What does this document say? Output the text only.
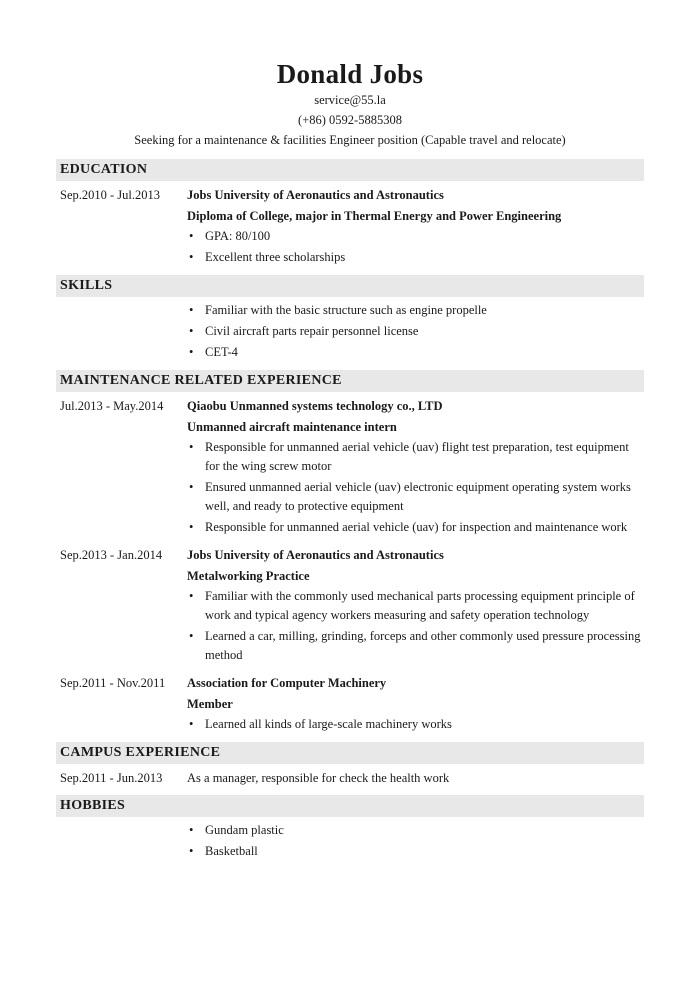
Donald Jobs
service@55.la
(+86) 0592-5885308
Seeking for a maintenance & facilities Engineer position (Capable travel and relocate)
EDUCATION
Sep.2010 - Jul.2013	Jobs University of Aeronautics and Astronautics
Diploma of College, major in Thermal Energy and Power Engineering
• GPA: 80/100
• Excellent three scholarships
SKILLS
• Familiar with the basic structure such as engine propelle
• Civil aircraft parts repair personnel license
• CET-4
MAINTENANCE RELATED EXPERIENCE
Jul.2013 - May.2014	Qiaobu Unmanned systems technology co., LTD
Unmanned aircraft maintenance intern
• Responsible for unmanned aerial vehicle (uav) flight test preparation, test equipment for the wing screw motor
• Ensured unmanned aerial vehicle (uav) electronic equipment operating system works well, and ready to protective equipment
• Responsible for unmanned aerial vehicle (uav) for inspection and maintenance work
Sep.2013 - Jan.2014	Jobs University of Aeronautics and Astronautics
Metalworking Practice
• Familiar with the commonly used mechanical parts processing equipment principle of work and typical agency workers measuring and safety operation technology
• Learned a car, milling, grinding, forceps and other commonly used pressure processing method
Sep.2011 - Nov.2011	Association for Computer Machinery
Member
• Learned all kinds of large-scale machinery works
CAMPUS EXPERIENCE
Sep.2011 - Jun.2013	As a manager, responsible for check the health work
HOBBIES
• Gundam plastic
• Basketball
